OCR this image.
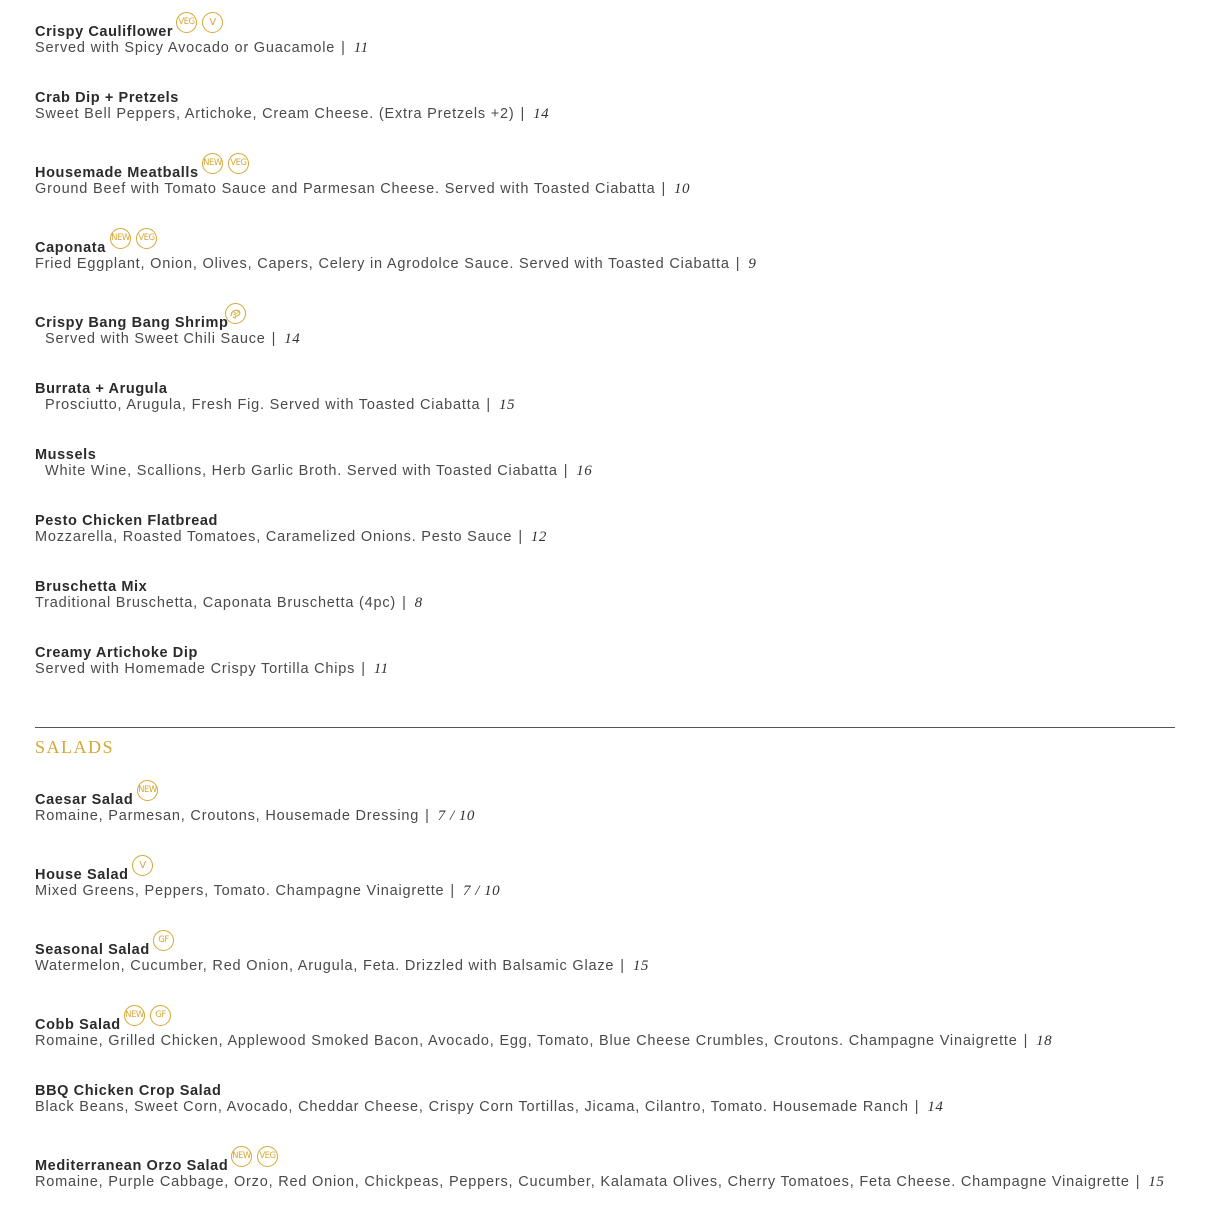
Crispy Cauliflower
VEG V
Served with Spicy Avocado or Guacamole | 11
Crab Dip + Pretzels
Sweet Bell Peppers, Artichoke, Cream Cheese. (Extra Pretzels +2) | 14
Housemade Meatballs
NEW VEG
Ground Beef with Tomato Sauce and Parmesan Cheese. Served with Toasted Ciabatta | 10
Caponata
NEW VEG
Fried Eggplant, Onion, Olives, Capers, Celery in Agrodolce Sauce. Served with Toasted Ciabatta | 9
Crispy Bang Bang Shrimp
Served with Sweet Chili Sauce | 14
Burrata + Arugula
Prosciutto, Arugula, Fresh Fig. Served with Toasted Ciabatta | 15
Mussels
White Wine, Scallions, Herb Garlic Broth. Served with Toasted Ciabatta | 16
Pesto Chicken Flatbread
Mozzarella, Roasted Tomatoes, Caramelized Onions. Pesto Sauce | 12
Bruschetta Mix
Traditional Bruschetta, Caponata Bruschetta (4pc) | 8
Creamy Artichoke Dip
Served with Homemade Crispy Tortilla Chips | 11
SALADS
Caesar Salad
NEW
Romaine, Parmesan, Croutons, Housemade Dressing | 7 / 10
House Salad
V
Mixed Greens, Peppers, Tomato. Champagne Vinaigrette | 7 / 10
Seasonal Salad
GF
Watermelon, Cucumber, Red Onion, Arugula, Feta. Drizzled with Balsamic Glaze | 15
Cobb Salad
NEW GF
Romaine, Grilled Chicken, Applewood Smoked Bacon, Avocado, Egg, Tomato, Blue Cheese Crumbles, Croutons. Champagne Vinaigrette | 18
BBQ Chicken Crop Salad
Black Beans, Sweet Corn, Avocado, Cheddar Cheese, Crispy Corn Tortillas, Jicama, Cilantro, Tomato. Housemade Ranch | 14
Mediterranean Orzo Salad
NEW VEG
Romaine, Purple Cabbage, Orzo, Red Onion, Chickpeas, Peppers, Cucumber, Kalamata Olives, Cherry Tomatoes, Feta Cheese. Champagne Vinaigrette | 15
